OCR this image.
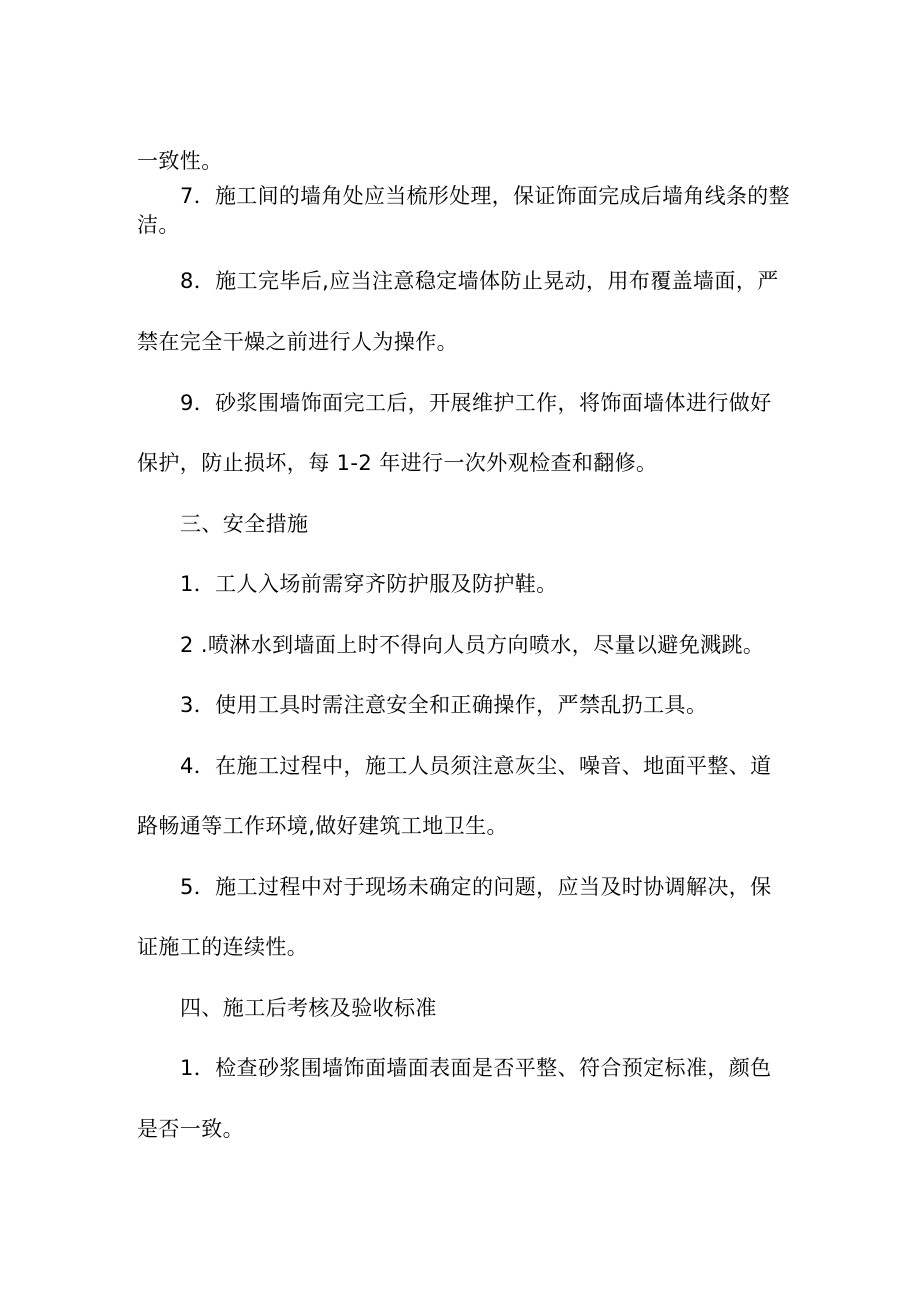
一致性。
7．施工间的墙角处应当梳形处理，保证饰面完成后墙角线条的整
洁。
8．施工完毕后,应当注意稳定墙体防止晃动，用布覆盖墙面，严
禁在完全干燥之前进行人为操作。
9．砂浆围墙饰面完工后，开展维护工作，将饰面墙体进行做好
保护，防止损坏，每 1-2 年进行一次外观检查和翻修。
三、安全措施
1．工人入场前需穿齐防护服及防护鞋。
2 .喷淋水到墙面上时不得向人员方向喷水，尽量以避免溅跳。
3．使用工具时需注意安全和正确操作，严禁乱扔工具。
4．在施工过程中，施工人员须注意灰尘、噪音、地面平整、道
路畅通等工作环境,做好建筑工地卫生。
5．施工过程中对于现场未确定的问题，应当及时协调解决，保
证施工的连续性。
四、施工后考核及验收标准
1．检查砂浆围墙饰面墙面表面是否平整、符合预定标准，颜色
是否一致。
